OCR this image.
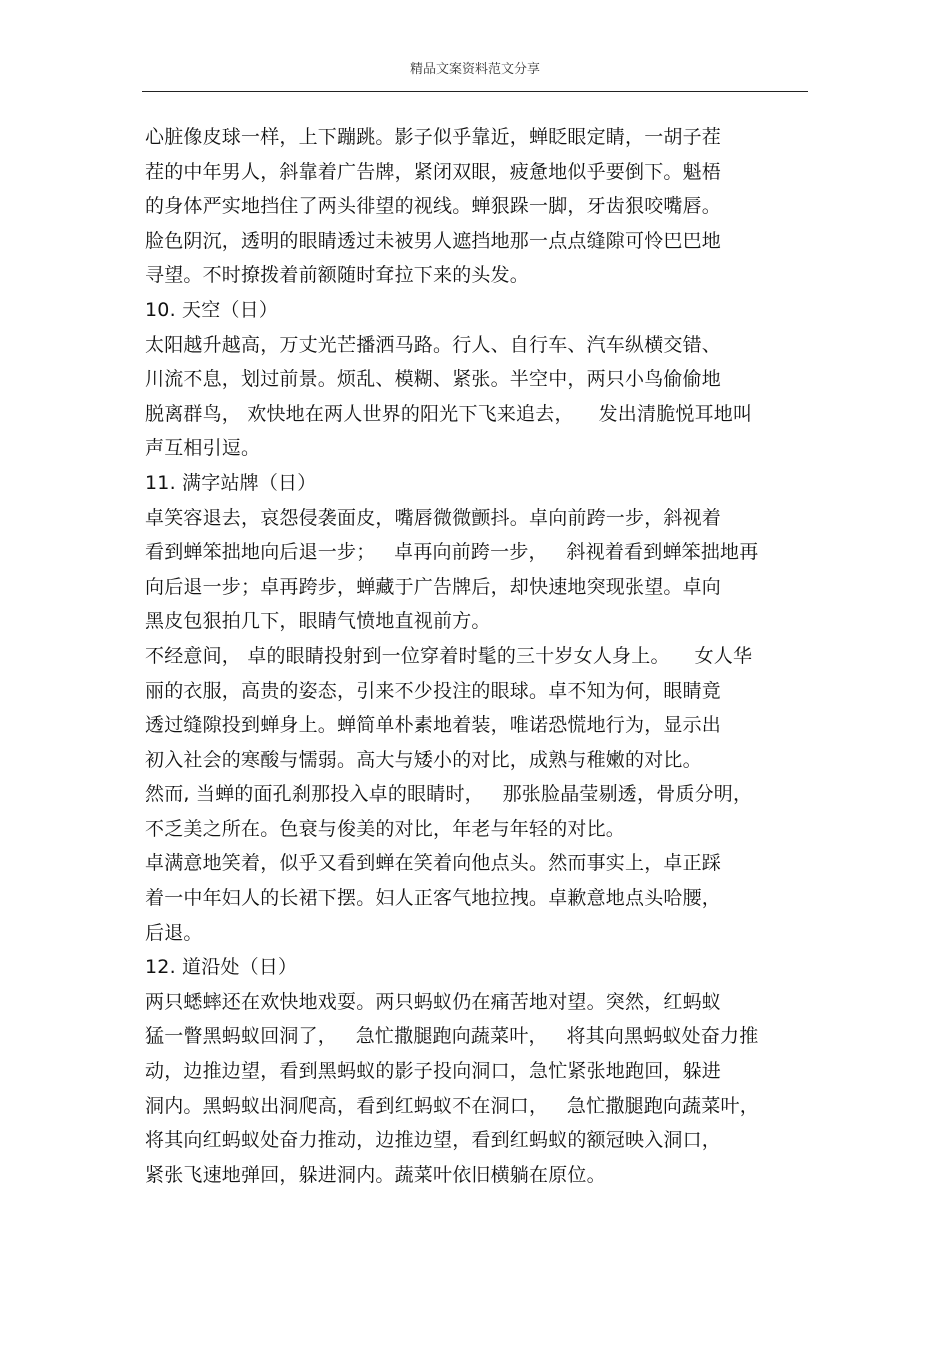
精品文案资料范文分享
心脏像皮球一样，上下蹦跳。影子似乎靠近，蝉眨眼定睛，一胡子茬
茬的中年男人，斜靠着广告牌，紧闭双眼，疲惫地似乎要倒下。魁梧
的身体严实地挡住了两头徘望的视线。蝉狠跺一脚，牙齿狠咬嘴唇。
脸色阴沉，透明的眼睛透过未被男人遮挡地那一点点缝隙可怜巴巴地
寻望。不时撩拨着前额随时耷拉下来的头发。
10. 天空（日）
太阳越升越高，万丈光芒播洒马路。行人、自行车、汽车纵横交错、
川流不息，划过前景。烦乱、模糊、紧张。半空中，两只小鸟偷偷地
脱离群鸟， 欢快地在两人世界的阳光下飞来追去，    发出清脆悦耳地叫
声互相引逗。
11. 满字站牌（日）
卓笑容退去，哀怨侵袭面皮，嘴唇微微颤抖。卓向前跨一步，斜视着
看到蝉笨拙地向后退一步；   卓再向前跨一步，   斜视着看到蝉笨拙地再
向后退一步；卓再跨步，蝉藏于广告牌后，却快速地突现张望。卓向
黑皮包狠拍几下，眼睛气愤地直视前方。
不经意间， 卓的眼睛投射到一位穿着时髦的三十岁女人身上。    女人华
丽的衣服，高贵的姿态，引来不少投注的眼球。卓不知为何，眼睛竟
透过缝隙投到蝉身上。蝉简单朴素地着装，唯诺恐慌地行为，显示出
初入社会的寒酸与懦弱。高大与矮小的对比，成熟与稚嫩的对比。
然而, 当蝉的面孔刹那投入卓的眼睛时，   那张脸晶莹剔透，骨质分明，
不乏美之所在。色衰与俊美的对比，年老与年轻的对比。
卓满意地笑着，似乎又看到蝉在笑着向他点头。然而事实上，卓正踩
着一中年妇人的长裙下摆。妇人正客气地拉拽。卓歉意地点头哈腰，
后退。
12. 道沿处（日）
两只蟋蟀还在欢快地戏耍。两只蚂蚁仍在痛苦地对望。突然，红蚂蚁
猛一瞥黑蚂蚁回洞了，   急忙撒腿跑向蔬菜叶，   将其向黑蚂蚁处奋力推
动，边推边望，看到黑蚂蚁的影子投向洞口，急忙紧张地跑回，躲进
洞内。黑蚂蚁出洞爬高，看到红蚂蚁不在洞口，   急忙撒腿跑向蔬菜叶，
将其向红蚂蚁处奋力推动，边推边望，看到红蚂蚁的额冠映入洞口，
紧张飞速地弹回，躲进洞内。蔬菜叶依旧横躺在原位。
